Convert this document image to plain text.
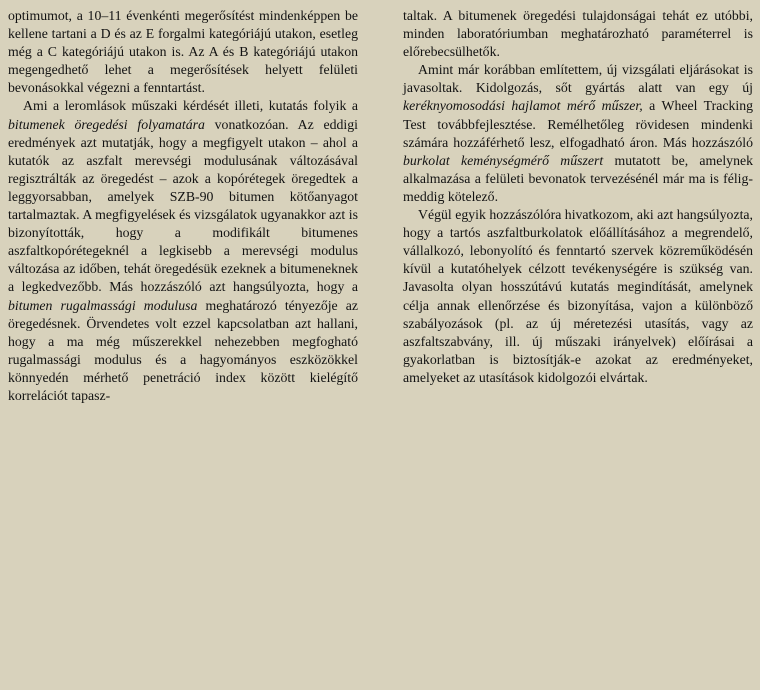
optimumot, a 10–11 évenkénti megerősítést mindenképpen be kellene tartani a D és az E forgalmi kategóriájú utakon, esetleg még a C kategóriájú utakon is. Az A és B kategóriájú utakon megengedhető lehet a megerősítések helyett felületi bevonásokkal végezni a fenntartást.

Ami a leromlások műszaki kérdését illeti, kutatás folyik a bitumenek öregedési folyamatára vonatkozóan. Az eddigi eredmények azt mutatják, hogy a megfigyelt utakon – ahol a kutatók az aszfalt merevségi modulusának változásával regisztrálták az öregedést – azok a kopórétegek öregedtek a leggyorsabban, amelyek SZB-90 bitumen kötőanyagot tartalmaztak. A megfigyelések és vizsgálatok ugyanakkor azt is bizonyították, hogy a modifikált bitumenes aszfaltkopórétegeknél a legkisebb a merevségi modulus változása az időben, tehát öregedésük ezeknek a bitumeneknek a legkedvezőbb. Más hozzászóló azt hangsúlyozta, hogy a bitumen rugalmassági modulusa meghatározó tényezője az öregedésnek. Örvendetes volt ezzel kapcsolatban azt hallani, hogy a ma még műszerekkel nehezebben megfogható rugalmassági modulus és a hagyományos eszközökkel könnyedén mérhető penetráció index között kielégítő korrelációt tapasz-

taltak. A bitumenek öregedési tulajdonságai tehát ez utóbbi, minden laboratóriumban meghatározható paraméterrel is előrebecsülhetők.

Amint már korábban említettem, új vizsgálati eljárásokat is javasoltak. Kidolgozás, sőt gyártás alatt van egy új keréknyomosodási hajlamot mérő műszer, a Wheel Tracking Test továbbfejlesztése. Remélhetőleg rövidesen mindenki számára hozzáférhető lesz, elfogadható áron. Más hozzászóló burkolat keménységmérő műszert mutatott be, amelynek alkalmazása a felületi bevonatok tervezésénél már ma is félig-meddig kötelező.

Végül egyik hozzászólóra hivatkozom, aki azt hangsúlyozta, hogy a tartós aszfaltburkolatok előállításához a megrendelő, vállalkozó, lebonyolító és fenntartó szervek közreműködésén kívül a kutatóhelyek célzott tevékenységére is szükség van. Javasolta olyan hosszútávú kutatás megindítását, amelynek célja annak ellenőrzése és bizonyítása, vajon a különböző szabályozások (pl. az új méretezési utasítás, vagy az aszfaltszabvány, ill. új műszaki irányelvek) előírásai a gyakorlatban is biztosítják-e azokat az eredményeket, amelyeket az utasítások kidolgozói elvártak.
